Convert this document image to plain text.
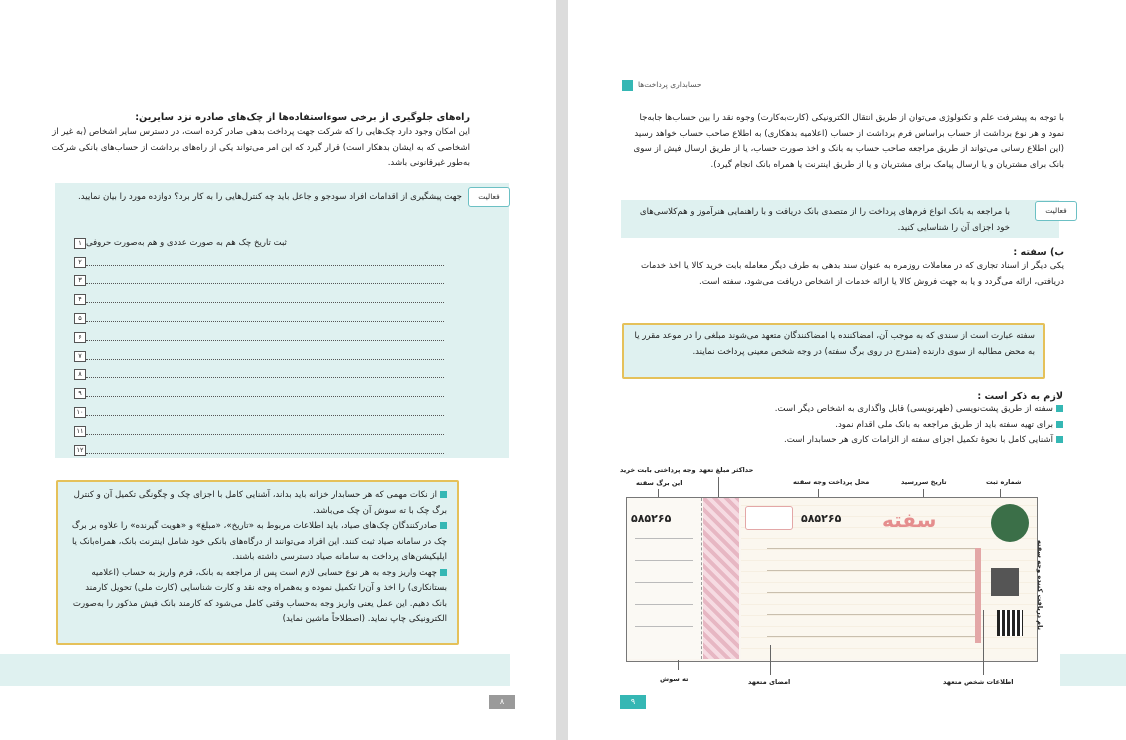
راه‌های جلوگیری از برخی سوءاستفاده‌ها از چک‌های صادره نزد سایرین:

این امکان وجود دارد چک‌هایی را که شرکت جهت پرداخت بدهی صادر کرده است، در دسترس سایر اشخاص (به غیر از اشخاصی که به ایشان بدهکار است) قرار گیرد که این امر می‌تواند یکی از راه‌های برداشت از حساب‌های بانکی شرکت به‌طور غیرقانونی باشد.

فعالیت

جهت پیشگیری از اقدامات افراد سودجو و جاعل باید چه کنترل‌هایی را به کار برد؟ دوازده مورد را بیان نمایید.

۱ ثبت تاریخ چک هم به صورت عددی و هم به‌صورت حروفی
۲
۳
۴
۵
۶
۷
۸
۹
۱۰
۱۱
۱۲

از نکات مهمی که هر حسابدار خزانه باید بداند، آشنایی کامل با اجزای چک و چگونگی تکمیل آن و کنترل برگ چک با ته سوش آن چک می‌باشد.

صادرکنندگان چک‌های صیاد، باید اطلاعات مربوط به «تاریخ»، «مبلغ» و «هویت گیرنده» را علاوه بر برگ چک در سامانه صیاد ثبت کنند. این افراد می‌توانند از درگاه‌های بانکی خود شامل اینترنت بانک، همراه‌بانک یا اپلیکیشن‌های پرداخت به سامانه صیاد دسترسی داشته باشند.

چهت واریز وجه به هر نوع حسابی لازم است پس از مراجعه به بانک، فرم واریز به حساب (اعلامیه بستانکاری) را اخذ و آن‌را تکمیل نموده و به‌همراه وجه نقد و کارت شناسایی (کارت ملی) تحویل کارمند بانک دهیم. این عمل یعنی واریز وجه به‌حساب وقتی کامل می‌شود که کارمند بانک فیش مذکور را به‌صورت الکترونیکی چاپ نماید. (اصطلاحاً ماشین نماید)

۸
حسابداری پرداخت‌ها

با توجه به پیشرفت علم و تکنولوژی می‌توان از طریق انتقال الکترونیکی (کارت‌به‌کارت) وجوه نقد را بین حساب‌ها جابه‌جا نمود و هر نوع برداشت از حساب براساس فرم برداشت از حساب (اعلامیه بدهکاری) به اطلاع صاحب حساب خواهد رسید (این اطلاع رسانی می‌تواند از طریق مراجعه صاحب حساب به بانک و اخذ صورت حساب، یا از طریق ارسال فیش از سوی بانک برای مشتریان و یا ارسال پیامک برای مشتریان و یا از طریق اینترنت یا همراه بانک انجام گیرد).

فعالیت

با مراجعه به بانک انواع فرم‌های پرداخت را از متصدی بانک دریافت و با راهنمایی هنرآموز و هم‌کلاسی‌های خود اجزای آن را شناسایی کنید.

ب) سفته :

یکی دیگر از اسناد تجاری که در معاملات روزمره به عنوان سند بدهی به طرف دیگر معامله بابت خرید کالا یا اخذ خدمات دریافتی، ارائه می‌گردد و یا به جهت فروش کالا یا ارائه خدمات از اشخاص دریافت می‌شود، سفته است.

سفته عبارت است از سندی که به موجب آن، امضاکننده یا امضاکنندگان متعهد می‌شوند مبلغی را در موعد مقرر یا به محض مطالبه از سوی دارنده (مندرج در روی برگ سفته) در وجه شخص معینی پرداخت نمایند.

لازم به ذکر است :

سفته از طریق پشت‌نویسی (ظهرنویسی) قابل واگذاری به اشخاص دیگر است.

برای تهیه سفته باید از طریق مراجعه به بانک ملی اقدام نمود.

آشنایی کامل با نحوهٔ تکمیل اجزای سفته از الزامات کاری هر حسابدار است.

وجه پرداختی بابت خرید
این برگ سفته
حداکثر مبلغ تعهد
تاریخ سررسید
محل پرداخت وجه سفته	شماره ثبت
۵۸۵۲۶۵	۵۸۵۲۶۵ سفته
نام دریافت کننده وجه سفته
ته سوش	امضای متعهد	اطلاعات شخص متعهد
۹
